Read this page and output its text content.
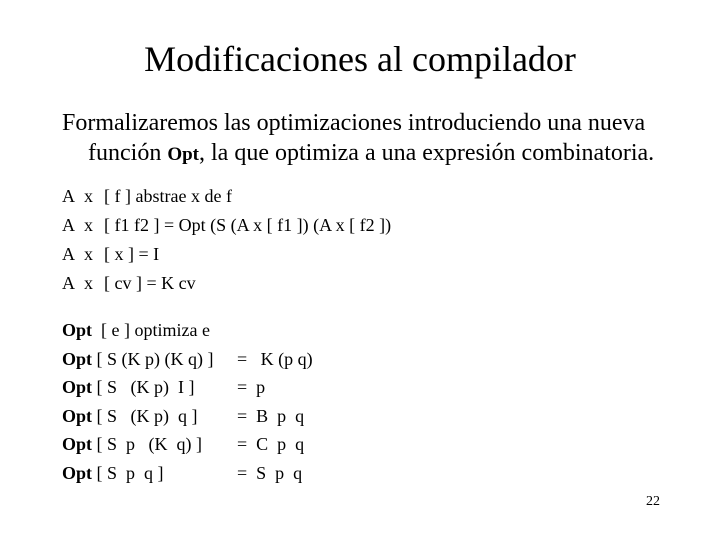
Modificaciones al compilador
Formalizaremos las optimizaciones introduciendo una nueva
función Opt, la que optimiza a una expresión combinatoria.
A x [ f ] abstrae x de f
A x [ f1 f2 ] = Opt (S (A x [ f1 ]) (A x [ f2 ])
A x [ x ] = I
A x [ cv ] = K cv
Opt  [ e ] optimiza e
Opt [ S (K p) (K q) ] =   K (p q)
Opt [ S   (K p)  I ] =  p
Opt [ S   (K p)  q ] =  B  p  q
Opt [ S  p   (K  q) ] =  C  p  q
Opt [ S  p  q ]	=  S  p  q
22
